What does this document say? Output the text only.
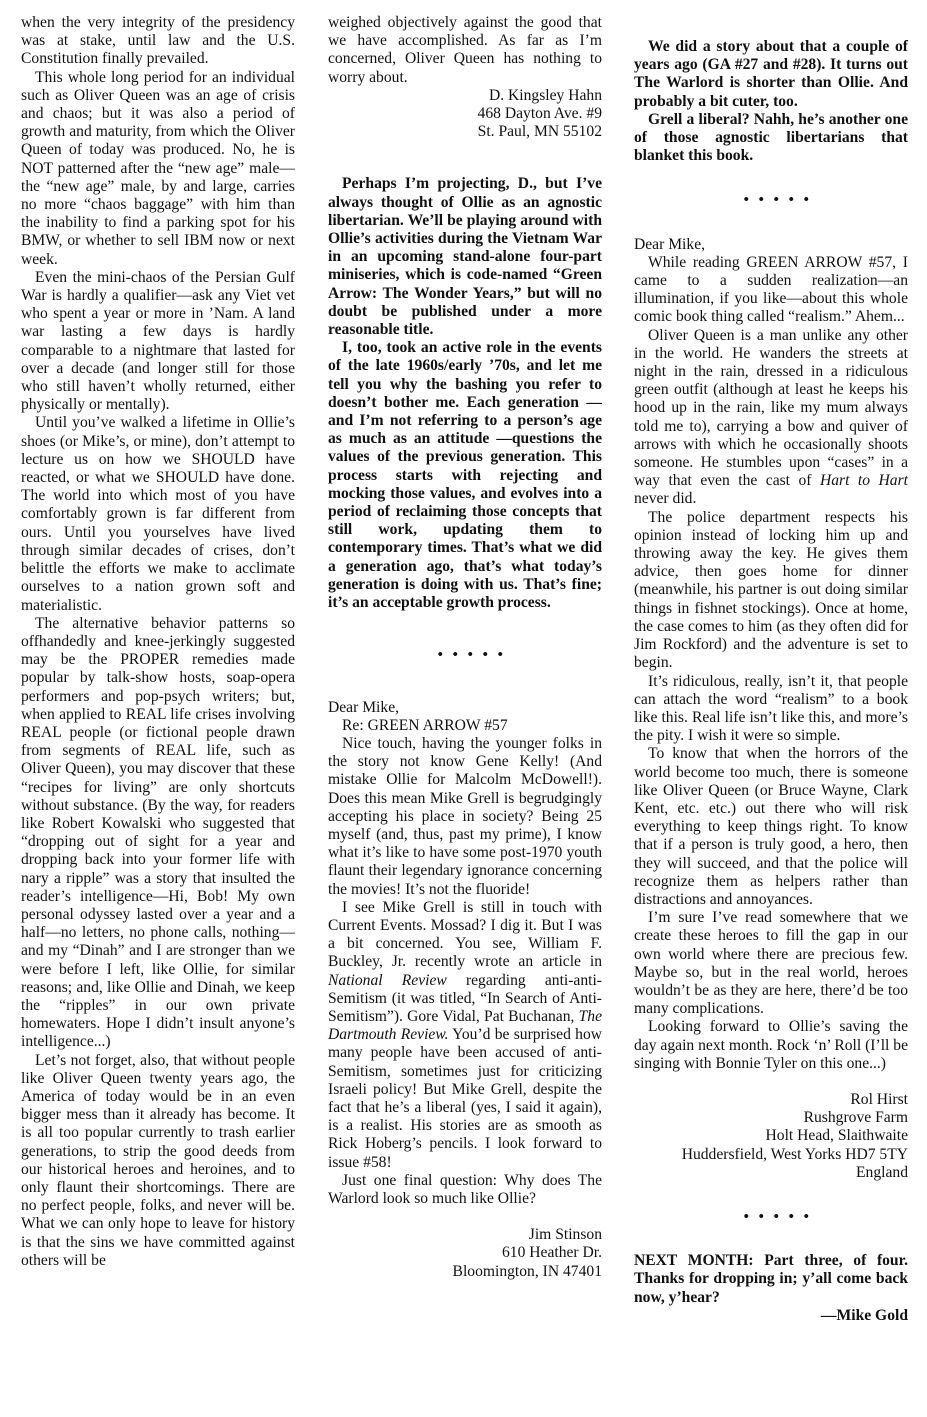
when the very integrity of the presidency was at stake, until law and the U.S. Constitution finally prevailed.

This whole long period for an individual such as Oliver Queen was an age of crisis and chaos; but it was also a period of growth and maturity, from which the Oliver Queen of today was produced. No, he is NOT patterned after the “new age” male—the “new age” male, by and large, carries no more “chaos baggage” with him than the inability to find a parking spot for his BMW, or whether to sell IBM now or next week.

Even the mini-chaos of the Persian Gulf War is hardly a qualifier—ask any Viet vet who spent a year or more in ’Nam. A land war lasting a few days is hardly comparable to a nightmare that lasted for over a decade (and longer still for those who still haven’t wholly returned, either physically or mentally).

Until you’ve walked a lifetime in Ollie’s shoes (or Mike’s, or mine), don’t attempt to lecture us on how we SHOULD have reacted, or what we SHOULD have done. The world into which most of you have comfortably grown is far different from ours. Until you yourselves have lived through similar decades of crises, don’t belittle the efforts we make to acclimate ourselves to a nation grown soft and materialistic.

The alternative behavior patterns so offhandedly and knee-jerkingly suggested may be the PROPER remedies made popular by talk-show hosts, soap-opera performers and pop-psych writers; but, when applied to REAL life crises involving REAL people (or fictional people drawn from segments of REAL life, such as Oliver Queen), you may discover that these “recipes for living” are only shortcuts without substance. (By the way, for readers like Robert Kowalski who suggested that “dropping out of sight for a year and dropping back into your former life with nary a ripple” was a story that insulted the reader’s intelligence—Hi, Bob! My own personal odyssey lasted over a year and a half—no letters, no phone calls, nothing—and my “Dinah” and I are stronger than we were before I left, like Ollie, for similar reasons; and, like Ollie and Dinah, we keep the “ripples” in our own private homewaters. Hope I didn’t insult anyone’s intelligence...)

Let’s not forget, also, that without people like Oliver Queen twenty years ago, the America of today would be in an even bigger mess than it already has become. It is all too popular currently to trash earlier generations, to strip the good deeds from our historical heroes and heroines, and to only flaunt their shortcomings. There are no perfect people, folks, and never will be. What we can only hope to leave for history is that the sins we have committed against others will be

weighed objectively against the good that we have accomplished. As far as I’m concerned, Oliver Queen has nothing to worry about.

D. Kingsley Hahn

468 Dayton Ave. #9

St. Paul, MN 55102

Perhaps I’m projecting, D., but I’ve always thought of Ollie as an agnostic libertarian. We’ll be playing around with Ollie’s activities during the Vietnam War in an upcoming stand-alone four-part miniseries, which is code-named “Green Arrow: The Wonder Years,” but will no doubt be published under a more reasonable title.

I, too, took an active role in the events of the late 1960s/early ’70s, and let me tell you why the bashing you refer to doesn’t bother me. Each generation —and I’m not referring to a person’s age as much as an attitude —questions the values of the previous generation. This process starts with rejecting and mocking those values, and evolves into a period of reclaiming those concepts that still work, updating them to contemporary times. That’s what we did a generation ago, that’s what today’s generation is doing with us. That’s fine; it’s an acceptable growth process.

• • • • •

Dear Mike,

Re: GREEN ARROW #57

Nice touch, having the younger folks in the story not know Gene Kelly! (And mistake Ollie for Malcolm McDowell!). Does this mean Mike Grell is begrudgingly accepting his place in society? Being 25 myself (and, thus, past my prime), I know what it’s like to have some post-1970 youth flaunt their legendary ignorance concerning the movies! It’s not the fluoride!

I see Mike Grell is still in touch with Current Events. Mossad? I dig it. But I was a bit concerned. You see, William F. Buckley, Jr. recently wrote an article in National Review regarding anti-anti-Semitism (it was titled, “In Search of Anti-Semitism”). Gore Vidal, Pat Buchanan, The Dartmouth Review. You’d be surprised how many people have been accused of anti-Semitism, sometimes just for criticizing Israeli policy! But Mike Grell, despite the fact that he’s a liberal (yes, I said it again), is a realist. His stories are as smooth as Rick Hoberg’s pencils. I look forward to issue #58!

Just one final question: Why does The Warlord look so much like Ollie?

Jim Stinson

610 Heather Dr.

Bloomington, IN 47401

We did a story about that a couple of years ago (GA #27 and #28). It turns out The Warlord is shorter than Ollie. And probably a bit cuter, too.

Grell a liberal? Nahh, he’s another one of those agnostic libertarians that blanket this book.

• • • • •

Dear Mike,

While reading GREEN ARROW #57, I came to a sudden realization—an illumination, if you like—about this whole comic book thing called “realism.” Ahem...

Oliver Queen is a man unlike any other in the world. He wanders the streets at night in the rain, dressed in a ridiculous green outfit (although at least he keeps his hood up in the rain, like my mum always told me to), carrying a bow and quiver of arrows with which he occasionally shoots someone. He stumbles upon “cases” in a way that even the cast of Hart to Hart never did.

The police department respects his opinion instead of locking him up and throwing away the key. He gives them advice, then goes home for dinner (meanwhile, his partner is out doing similar things in fishnet stockings). Once at home, the case comes to him (as they often did for Jim Rockford) and the adventure is set to begin.

It’s ridiculous, really, isn’t it, that people can attach the word “realism” to a book like this. Real life isn’t like this, and more’s the pity. I wish it were so simple.

To know that when the horrors of the world become too much, there is someone like Oliver Queen (or Bruce Wayne, Clark Kent, etc. etc.) out there who will risk everything to keep things right. To know that if a person is truly good, a hero, then they will succeed, and that the police will recognize them as helpers rather than distractions and annoyances.

I’m sure I’ve read somewhere that we create these heroes to fill the gap in our own world where there are precious few. Maybe so, but in the real world, heroes wouldn’t be as they are here, there’d be too many complications.

Looking forward to Ollie’s saving the day again next month. Rock ‘n’ Roll (I’ll be singing with Bonnie Tyler on this one...)

Rol Hirst

Rushgrove Farm

Holt Head, Slaithwaite

Huddersfield, West Yorks HD7 5TY

England

• • • • •

NEXT MONTH: Part three, of four. Thanks for dropping in; y’all come back now, y’hear?

—Mike Gold
